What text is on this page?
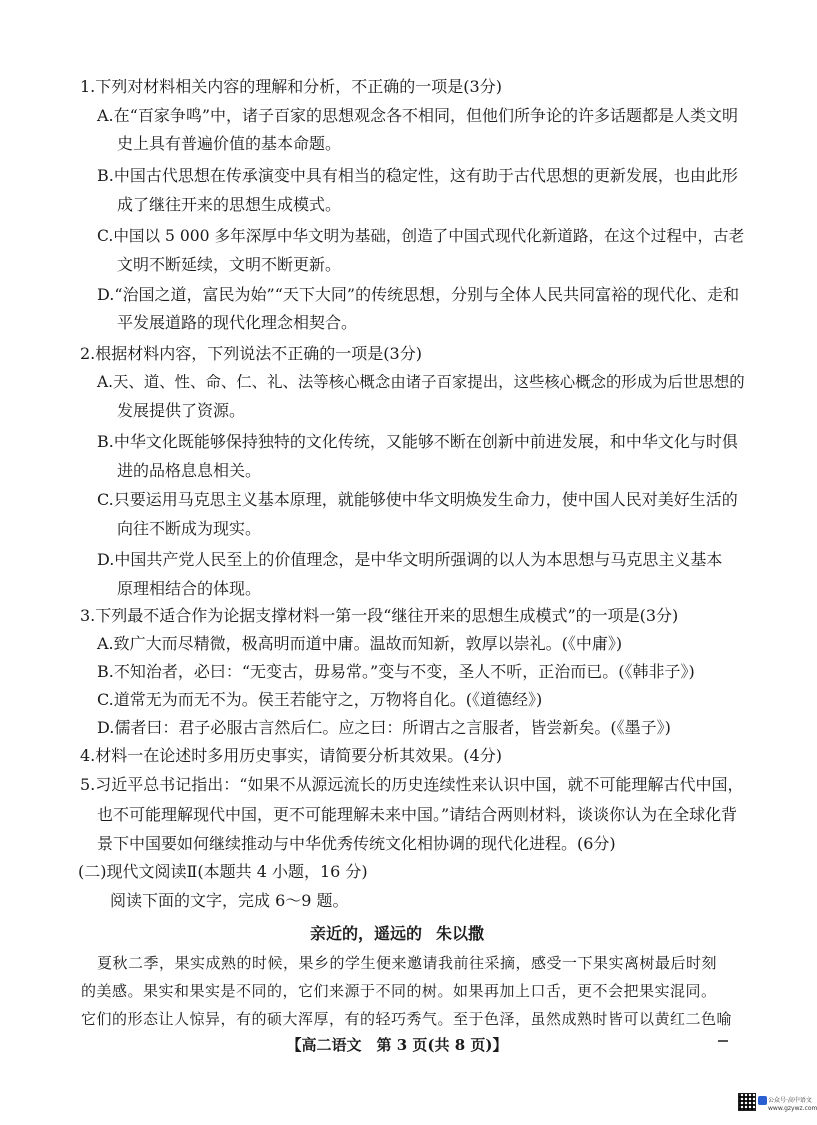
1.下列对材料相关内容的理解和分析，不正确的一项是(3分)
A.在“百家争鸣”中，诸子百家的思想观念各不相同，但他们所争论的许多话题都是人类文明
史上具有普遍价值的基本命题。
B.中国古代思想在传承演变中具有相当的稳定性，这有助于古代思想的更新发展，也由此形
成了继往开来的思想生成模式。
C.中国以 5 000 多年深厚中华文明为基础，创造了中国式现代化新道路，在这个过程中，古老
文明不断延续，文明不断更新。
D.“治国之道，富民为始”“天下大同”的传统思想，分别与全体人民共同富裕的现代化、走和
平发展道路的现代化理念相契合。
2.根据材料内容，下列说法不正确的一项是(3分)
A.天、道、性、命、仁、礼、法等核心概念由诸子百家提出，这些核心概念的形成为后世思想的
发展提供了资源。
B.中华文化既能够保持独特的文化传统，又能够不断在创新中前进发展，和中华文化与时俱
进的品格息息相关。
C.只要运用马克思主义基本原理，就能够使中华文明焕发生命力，使中国人民对美好生活的
向往不断成为现实。
D.中国共产党人民至上的价值理念，是中华文明所强调的以人为本思想与马克思主义基本
原理相结合的体现。
3.下列最不适合作为论据支撑材料一第一段“继往开来的思想生成模式”的一项是(3分)
A.致广大而尽精微，极高明而道中庸。温故而知新，敦厚以崇礼。(《中庸》)
B.不知治者，必曰：“无变古，毋易常。”变与不变，圣人不听，正治而已。(《韩非子》)
C.道常无为而无不为。侯王若能守之，万物将自化。(《道德经》)
D.儒者曰：君子必服古言然后仁。应之曰：所谓古之言服者，皆尝新矣。(《墨子》)
4.材料一在论述时多用历史事实，请简要分析其效果。(4分)
5.习近平总书记指出：“如果不从源远流长的历史连续性来认识中国，就不可能理解古代中国，
也不可能理解现代中国，更不可能理解未来中国。”请结合两则材料，谈谈你认为在全球化背
景下中国要如何继续推动与中华优秀传统文化相协调的现代化进程。(6分)
(二)现代文阅读Ⅱ(本题共 4 小题，16 分)
阅读下面的文字，完成 6～9 题。
亲近的，遥远的 朱以撒
夏秋二季，果实成熟的时候，果乡的学生便来邀请我前往采摘，感受一下果实离树最后时刻
的美感。果实和果实是不同的，它们来源于不同的树。如果再加上口舌，更不会把果实混同。
它们的形态让人惊异，有的硕大浑厚，有的轻巧秀气。至于色泽，虽然成熟时皆可以黄红二色喻
【高二语文　第 3 页(共 8 页)】
公众号·高中语文
www.gzywz.com
